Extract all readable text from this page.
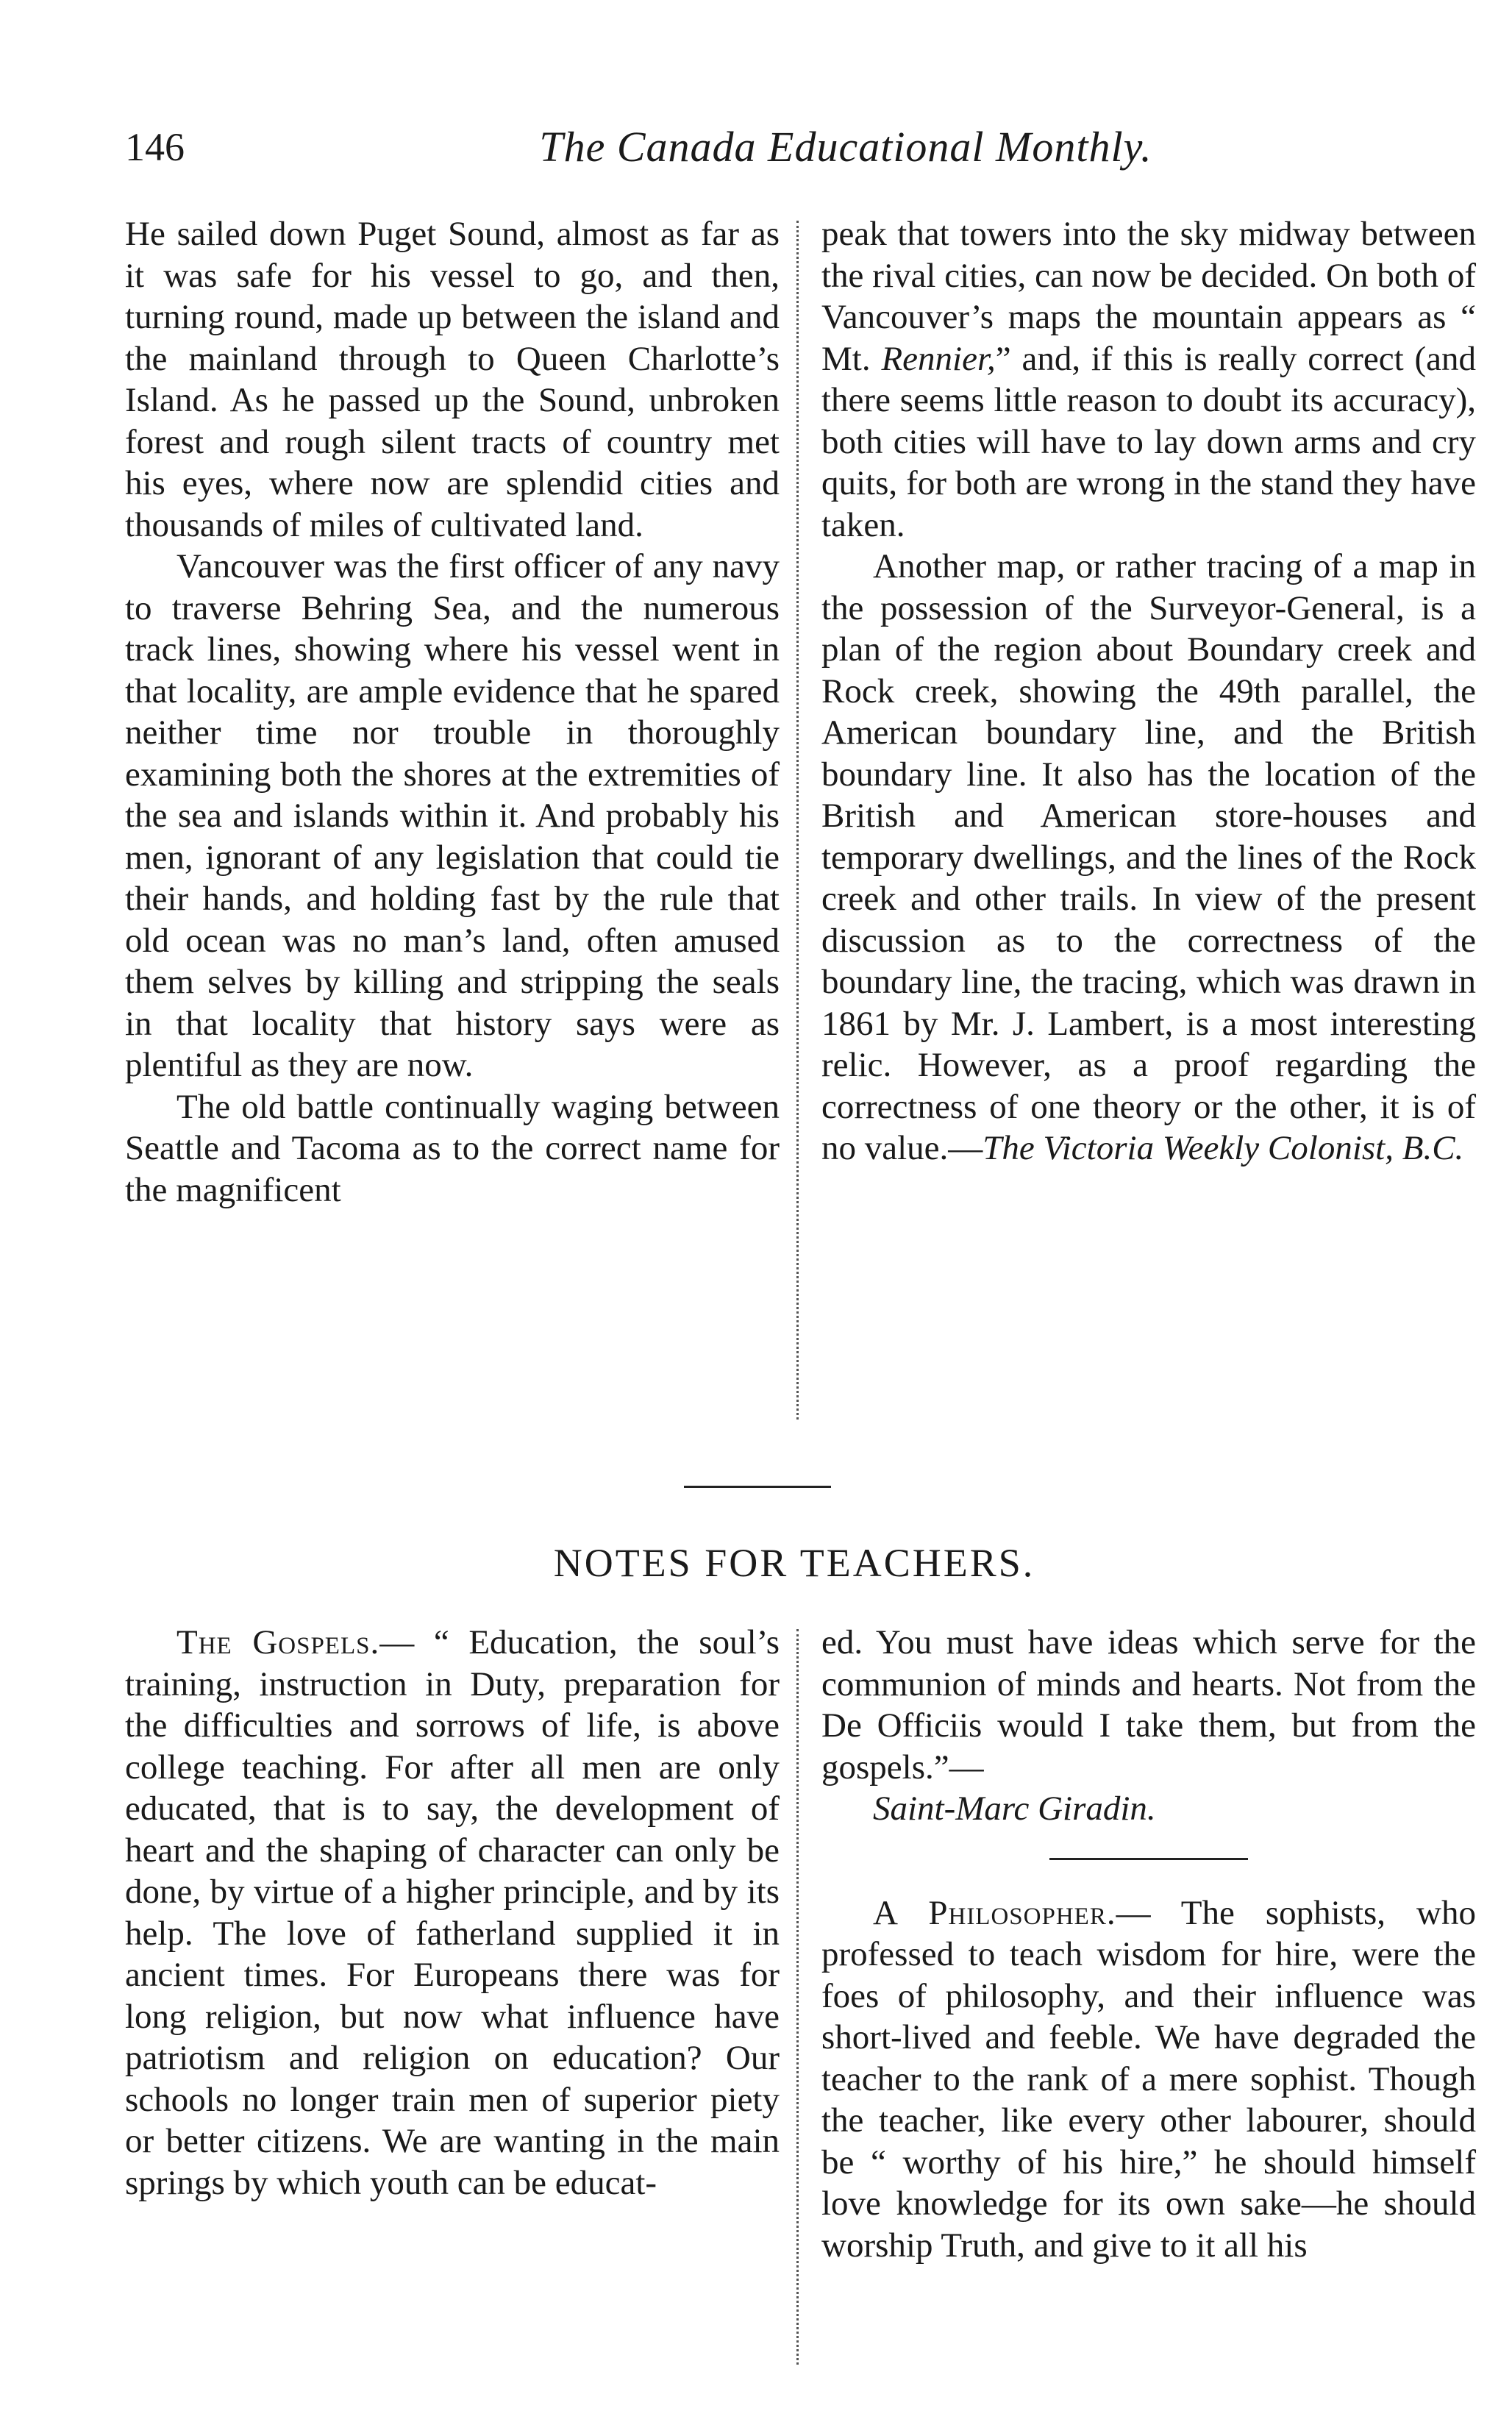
146	The Canada Educational Monthly.

He sailed down Puget Sound, almost as far as it was safe for his vessel to go, and then, turning round, made up between the island and the mainland through to Queen Charlotte’s Island. As he passed up the Sound, unbroken forest and rough silent tracts of country met his eyes, where now are splendid cities and thousands of miles of cultivated land.

Vancouver was the first officer of any navy to traverse Behring Sea, and the numerous track lines, showing where his vessel went in that locality, are ample evidence that he spared neither time nor trouble in thoroughly examining both the shores at the extremities of the sea and islands within it. And probably his men, ignorant of any legislation that could tie their hands, and holding fast by the rule that old ocean was no man’s land, often amused them selves by killing and stripping the seals in that locality that history says were as plentiful as they are now.

The old battle continually waging between Seattle and Tacoma as to the correct name for the magnificent

peak that towers into the sky midway between the rival cities, can now be decided. On both of Vancouver’s maps the mountain appears as “ Mt. Rennier,” and, if this is really correct (and there seems little reason to doubt its accuracy), both cities will have to lay down arms and cry quits, for both are wrong in the stand they have taken.

Another map, or rather tracing of a map in the possession of the Surveyor-General, is a plan of the region about Boundary creek and Rock creek, showing the 49th parallel, the American boundary line, and the British boundary line. It also has the location of the British and American store-houses and temporary dwellings, and the lines of the Rock creek and other trails. In view of the present discussion as to the correctness of the boundary line, the tracing, which was drawn in 1861 by Mr. J. Lambert, is a most interesting relic. However, as a proof regarding the correctness of one theory or the other, it is of no value.—The Victoria Weekly Colonist, B.C.

NOTES FOR TEACHERS.

The Gospels.— “ Education, the soul’s training, instruction in Duty, preparation for the difficulties and sorrows of life, is above college teaching. For after all men are only educated, that is to say, the development of heart and the shaping of character can only be done, by virtue of a higher principle, and by its help. The love of fatherland supplied it in ancient times. For Europeans there was for long religion, but now what influence have patriotism and religion on education? Our schools no longer train men of superior piety or better citizens. We are wanting in the main springs by which youth can be educat-

ed. You must have ideas which serve for the communion of minds and hearts. Not from the De Officiis would I take them, but from the gospels.”—

Saint-Marc Giradin.

A Philosopher.— The sophists, who professed to teach wisdom for hire, were the foes of philosophy, and their influence was short-lived and feeble. We have degraded the teacher to the rank of a mere sophist. Though the teacher, like every other labourer, should be “ worthy of his hire,” he should himself love knowledge for its own sake—he should worship Truth, and give to it all his
